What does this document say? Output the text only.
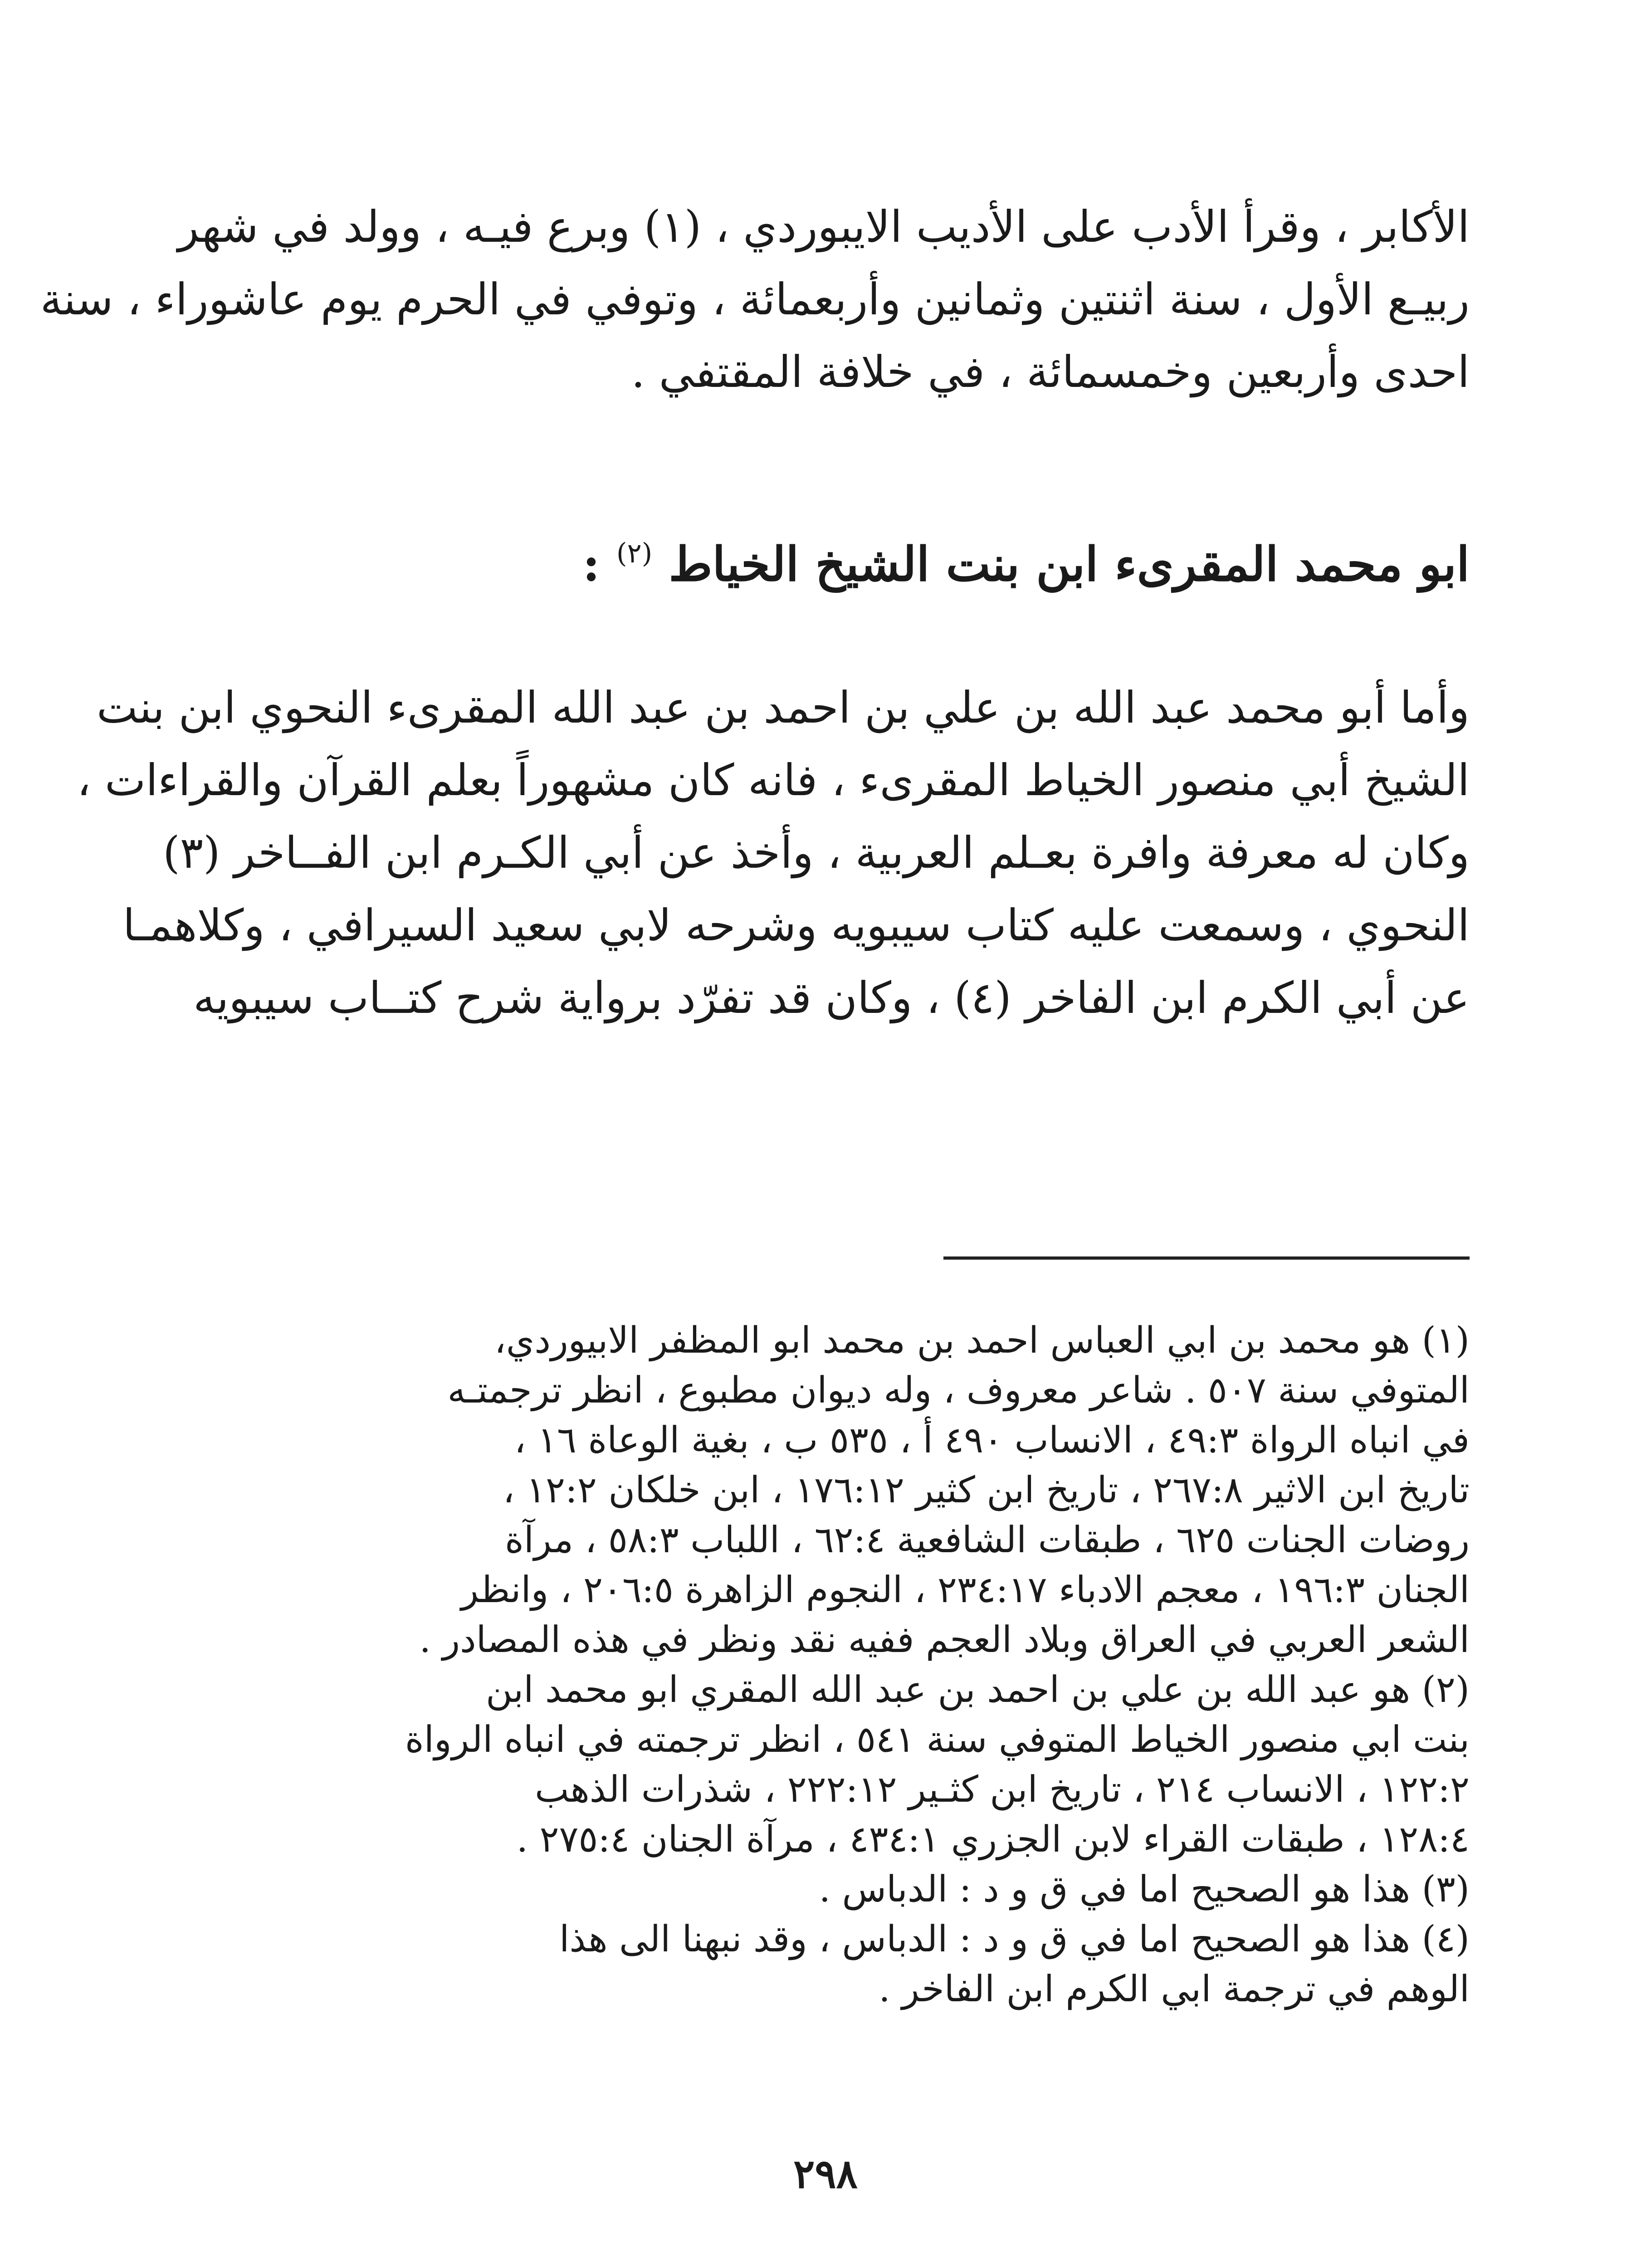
الأكابر ، وقرأ الأدب على الأديب الايبوردي ، (١) وبرع فيـه ، وولد في شهر
ربيـع الأول ، سنة اثنتين وثمانين وأربعمائة ، وتوفي في الحرم يوم عاشوراء ، سنة
احدى وأربعين وخمسمائة ، في خلافة المقتفي .
ابو محمد المقرىء ابن بنت الشيخ الخياط $^{(٢)}$ :
وأما أبو محمد عبد الله بن علي بن احمد بن عبد الله المقرىء النحوي ابن بنت
الشيخ أبي منصور الخياط المقرىء ، فانه كان مشهوراً بعلم القرآن والقراءات ،
وكان له معرفة وافرة بعـلم العربية ، وأخذ عن أبي الكـرم ابن الفــاخر (٣)
النحوي ، وسمعت عليه كتاب سيبويه وشرحه لابي سعيد السيرافي ، وكلاهمـا
عن أبي الكرم ابن الفاخر (٤) ، وكان قد تفرّد برواية شرح كتــاب سيبويه
(١) هو محمد بن ابي العباس احمد بن محمد ابو المظفر الابيوردي،
المتوفي سنة ٥٠٧ . شاعر معروف ، وله ديوان مطبوع ، انظر ترجمتـه
في انباه الرواة ٤٩:٣ ، الانساب ٤٩٠ أ ، ٥٣٥ ب ، بغية الوعاة ١٦ ،
تاريخ ابن الاثير ٢٦٧:٨ ، تاريخ ابن كثير ١٧٦:١٢ ، ابن خلكان ١٢:٢ ،
روضات الجنات ٦٢٥ ، طبقات الشافعية ٦٢:٤ ، اللباب ٥٨:٣ ، مرآة
الجنان ١٩٦:٣ ، معجم الادباء ٢٣٤:١٧ ، النجوم الزاهرة ٢٠٦:٥ ، وانظر
الشعر العربي في العراق وبلاد العجم ففيه نقد ونظر في هذه المصادر .
(٢) هو عبد الله بن علي بن احمد بن عبد الله المقري ابو محمد ابن
بنت ابي منصور الخياط المتوفي سنة ٥٤١ ، انظر ترجمته في انباه الرواة
١٢٢:٢ ، الانساب ٢١٤ ، تاريخ ابن كثـير ٢٢٢:١٢ ، شذرات الذهب
١٢٨:٤ ، طبقات القراء لابن الجزري ٤٣٤:١ ، مرآة الجنان ٢٧٥:٤ .
(٣) هذا هو الصحيح اما في ق و د : الدباس .
(٤) هذا هو الصحيح اما في ق و د : الدباس ، وقد نبهنا الى هذا
الوهم في ترجمة ابي الكرم ابن الفاخر .
٢٩٨
